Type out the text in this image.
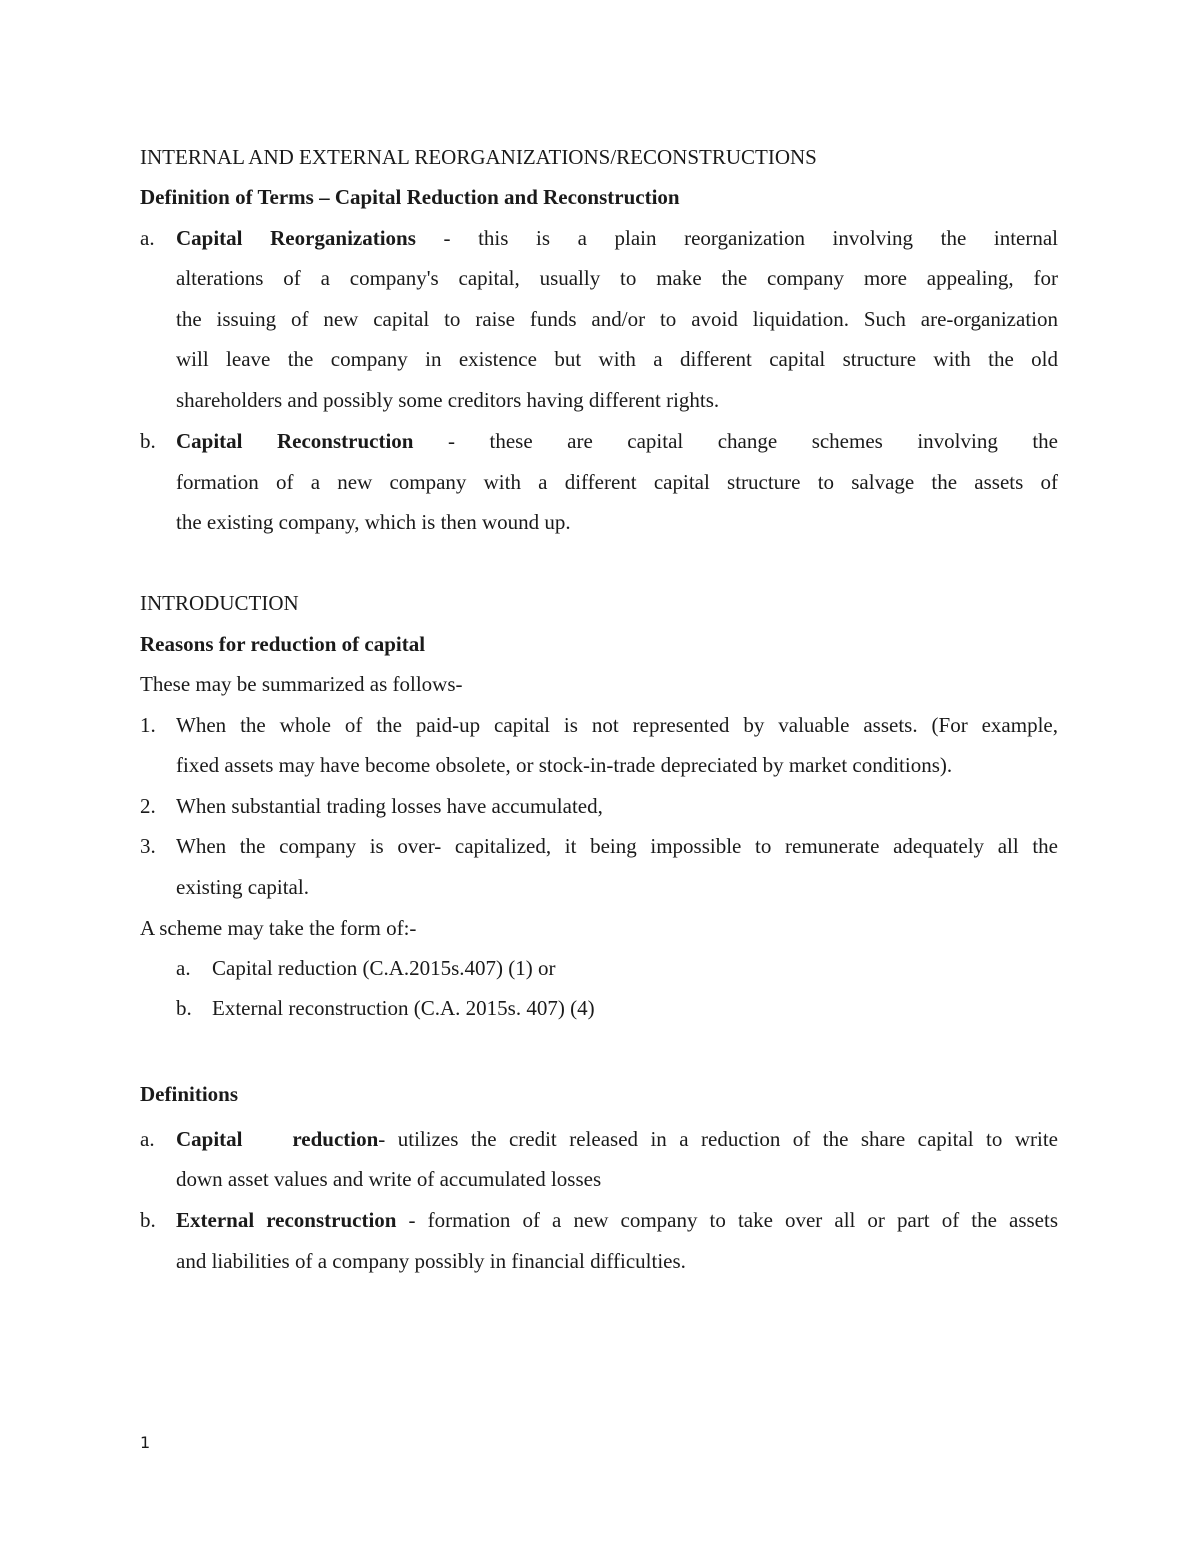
INTERNAL AND EXTERNAL REORGANIZATIONS/RECONSTRUCTIONS
Definition of Terms – Capital Reduction and Reconstruction
a. Capital Reorganizations - this is a plain reorganization involving the internal
alterations of a company's capital, usually to make the company more appealing, for
the issuing of new capital to raise funds and/or to avoid liquidation. Such are-organization
will leave the company in existence but with a different capital structure with the old
shareholders and possibly some creditors having different rights.
b. Capital Reconstruction - these are capital change schemes involving the
formation of a new company with a different capital structure to salvage the assets of
the existing company, which is then wound up.
INTRODUCTION
Reasons for reduction of capital
These may be summarized as follows-
1. When the whole of the paid-up capital is not represented by valuable assets. (For example,
fixed assets may have become obsolete, or stock-in-trade depreciated by market conditions).
2. When substantial trading losses have accumulated,
3. When the company is over- capitalized, it being impossible to remunerate adequately all the
existing capital.
A scheme may take the form of:-
a. Capital reduction (C.A.2015s.407) (1) or
b. External reconstruction (C.A. 2015s. 407) (4)
Definitions
a. Capital    reduction- utilizes the credit released in a reduction of the share capital to write
down asset values and write of accumulated losses
b. External reconstruction - formation of a new company to take over all or part of the assets
and liabilities of a company possibly in financial difficulties.
1
